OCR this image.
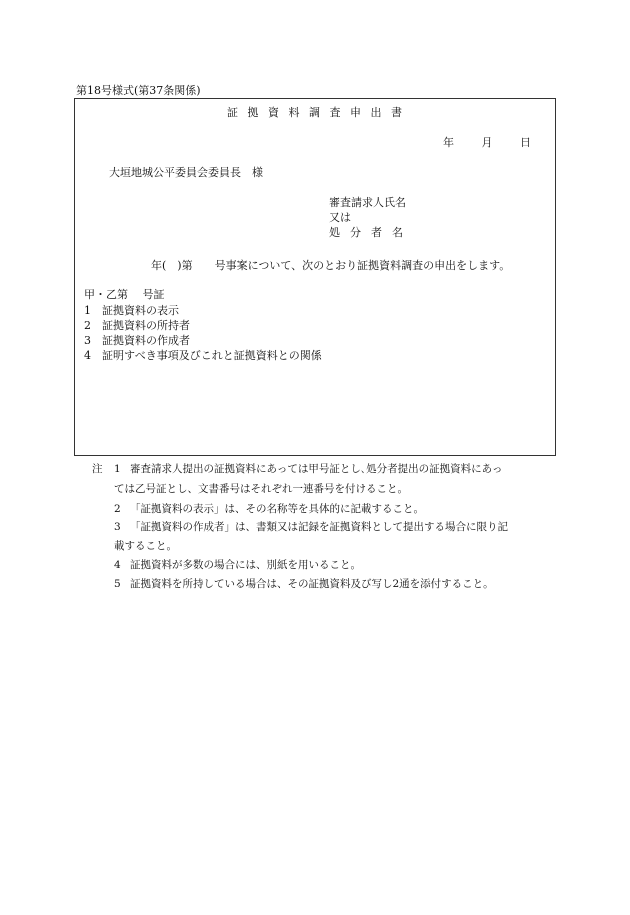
第18号様式(第37条関係)
証 拠 資 料 調 査 申 出 書
年 月 日
大垣地城公平委員会委員長　様
審査請求人氏名
又は
処分者名
年(　)第　　号事案について、次のとおり証拠資料調査の申出をします。
甲・乙第　 号証
1 証拠資料の表示
2 証拠資料の所持者
3 証拠資料の作成者
4 証明すべき事項及びこれと証拠資料との関係
注 1 審査請求人提出の証拠資料にあっては甲号証とし､処分者提出の証拠資料にあっ
ては乙号証とし、文書番号はそれぞれ一連番号を付けること。
2 「証拠資料の表示」は、その名称等を具体的に記載すること。
3 「証拠資料の作成者」は、書類又は記録を証拠資料として提出する場合に限り記
載すること。
4 証拠資料が多数の場合には、別紙を用いること。
5 証拠資料を所持している場合は、その証拠資料及び写し2通を添付すること。
